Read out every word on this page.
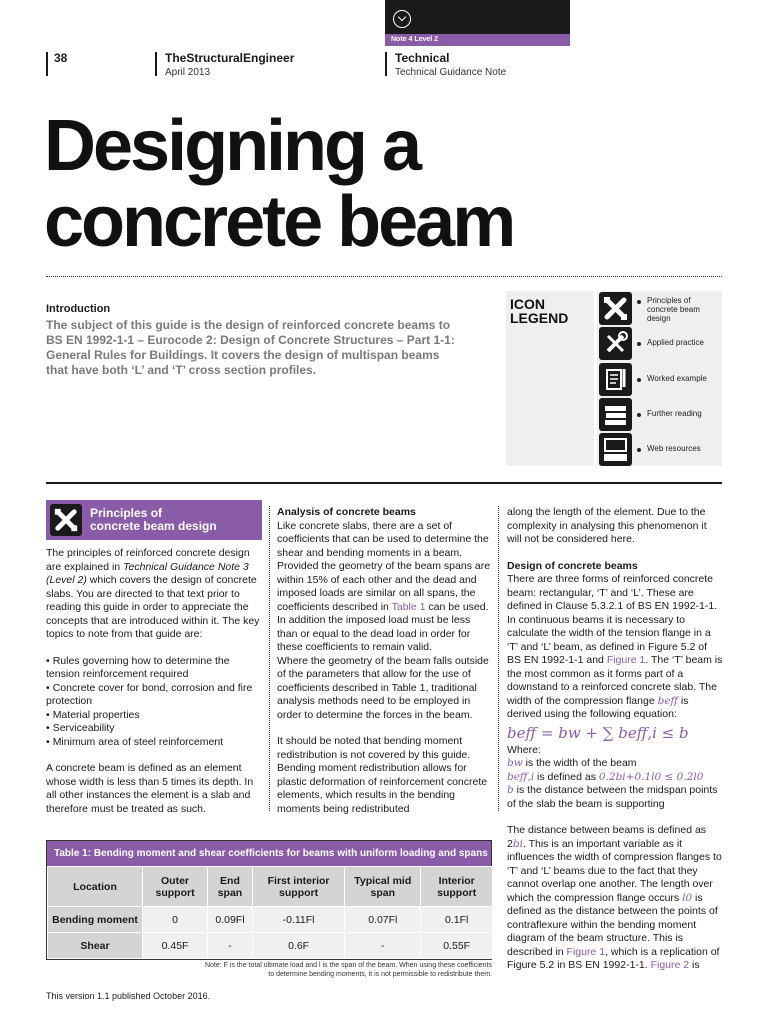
Note 4 Level 2
38	TheStructuralEngineer
April 2013
Technical
Technical Guidance Note
Designing a
concrete beam
Introduction
The subject of this guide is the design of reinforced concrete beams to BS EN 1992-1-1 – Eurocode 2: Design of Concrete Structures – Part 1-1: General Rules for Buildings. It covers the design of multispan beams that have both ‘L’ and ‘T’ cross section profiles.
ICON
LEGEND
Principles of
concrete beam
design
Applied practice
Worked example
Further reading
Web resources
Principles of
concrete beam design

The principles of reinforced concrete design are explained in Technical Guidance Note 3 (Level 2) which covers the design of concrete slabs. You are directed to that text prior to reading this guide in order to appreciate the concepts that are introduced within it. The key topics to note from that guide are:

• Rules governing how to determine the tension reinforcement required
• Concrete cover for bond, corrosion and fire protection
• Material properties
• Serviceability
• Minimum area of steel reinforcement

A concrete beam is defined as an element whose width is less than 5 times its depth. In all other instances the element is a slab and therefore must be treated as such.

Analysis of concrete beams

Like concrete slabs, there are a set of coefficients that can be used to determine the shear and bending moments in a beam. Provided the geometry of the beam spans are within 15% of each other and the dead and imposed loads are similar on all spans, the coefficients described in Table 1 can be used. In addition the imposed load must be less than or equal to the dead load in order for these coefficients to remain valid.

Where the geometry of the beam falls outside of the parameters that allow for the use of coefficients described in Table 1, traditional analysis methods need to be employed in order to determine the forces in the beam.

It should be noted that bending moment redistribution is not covered by this guide. Bending moment redistribution allows for plastic deformation of reinforcement concrete elements, which results in the bending moments being redistributed

along the length of the element. Due to the complexity in analysing this phenomenon it will not be considered here.

Design of concrete beams

There are three forms of reinforced concrete beam: rectangular, ‘T’ and ‘L’. These are defined in Clause 5.3.2.1 of BS EN 1992-1-1. In continuous beams it is necessary to calculate the width of the tension flange in a ‘T’ and ‘L’ beam, as defined in Figure 5.2 of BS EN 1992-1-1 and Figure 1. The ‘T’ beam is the most common as it forms part of a downstand to a reinforced concrete slab. The width of the compression flange beff is derived using the following equation:

beff = bw + ∑ beff,i ≤ b

Where:

bw is the width of the beam

beff,i is defined as 0.2bi+0.1l0 ≤ 0.2l0

b is the distance between the midspan points of the slab the beam is supporting

The distance between beams is defined as 2bi. This is an important variable as it influences the width of compression flanges to ‘T’ and ‘L’ beams due to the fact that they cannot overlap one another. The length over which the compression flange occurs l0 is defined as the distance between the points of contraflexure within the bending moment diagram of the beam structure. This is described in Figure 1, which is a replication of Figure 5.2 in BS EN 1992-1-1. Figure 2 is

Table 1: Bending moment and shear coefficients for beams with uniform loading and spans
Location	Outer support	End span	First interior support	Typical mid span	Interior support
Bending moment	0	0.09Fl	-0.11Fl	0.07Fl	0.1Fl
Shear	0.45F	-	0.6F	-	0.55F
Note: F is the total ultimate load and l is the span of the beam. When using these coefficients
to determine bending moments, it is not permissible to redistribute them.
This version 1.1 published October 2016.
